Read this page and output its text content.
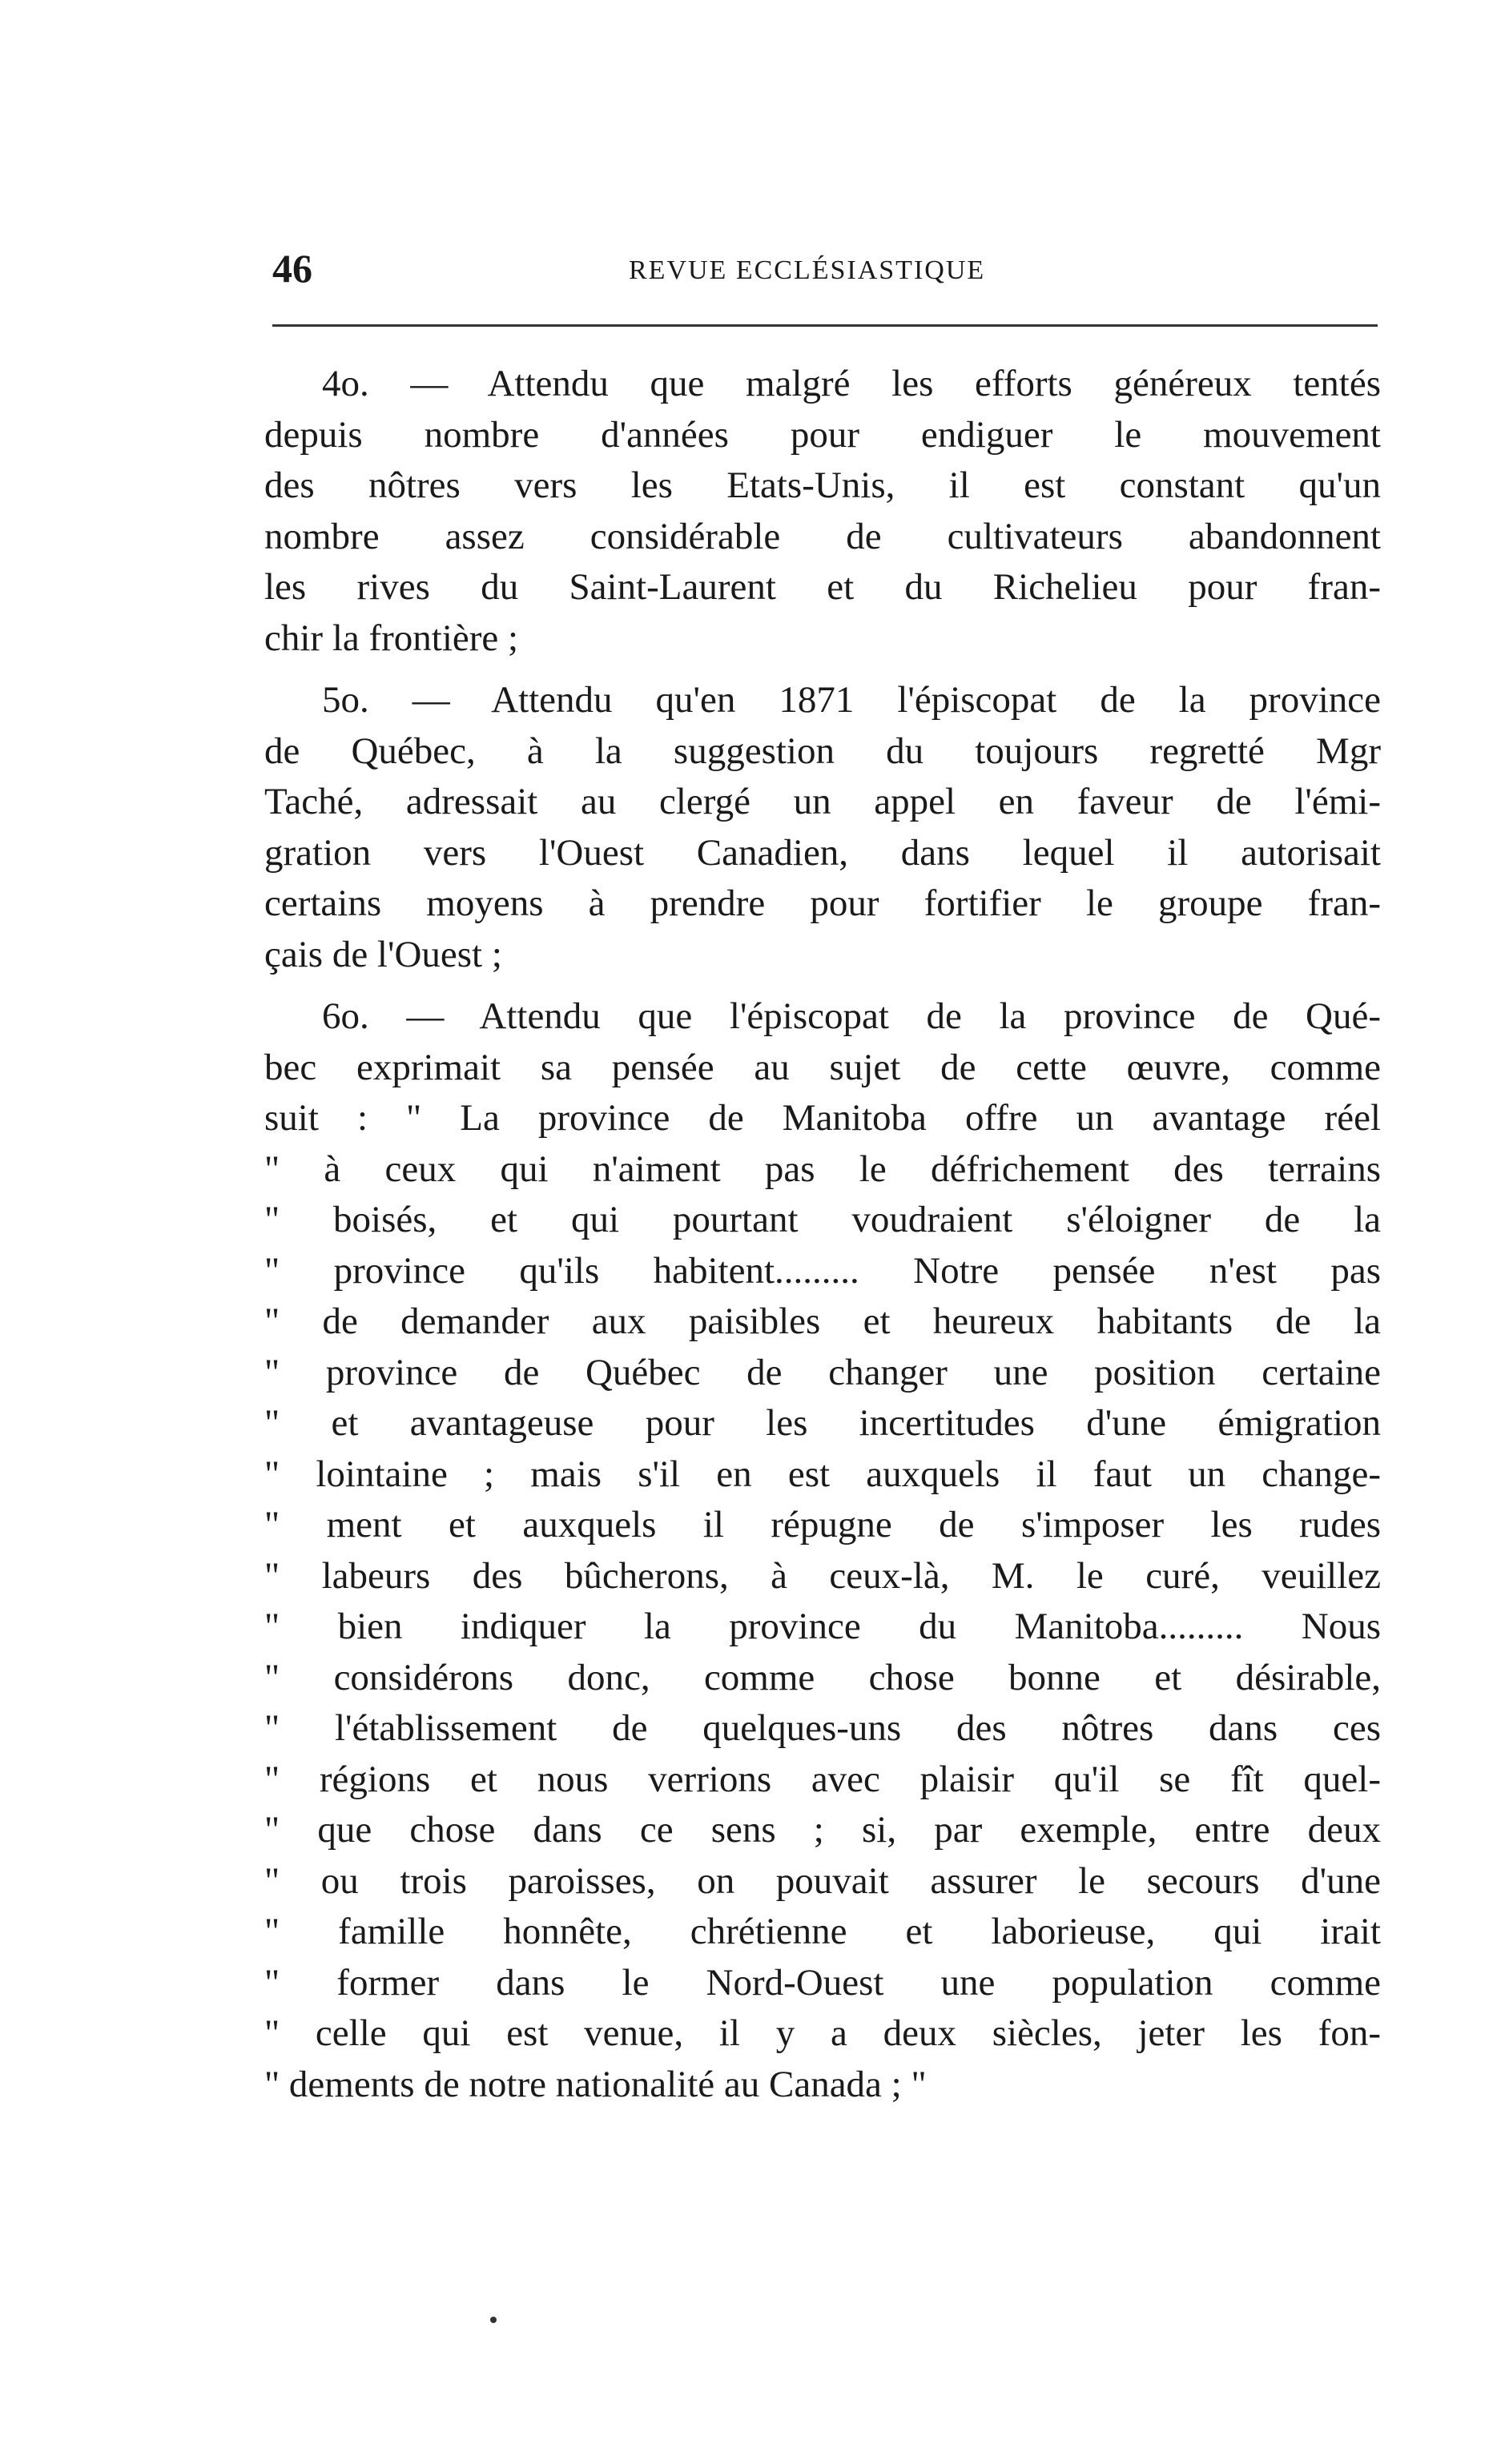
46	REVUE ECCLÉSIASTIQUE
4o. — Attendu que malgré les efforts généreux tentés
depuis nombre d'années pour endiguer le mouvement
des nôtres vers les Etats-Unis, il est constant qu'un
nombre assez considérable de cultivateurs abandonnent
les rives du Saint-Laurent et du Richelieu pour fran-
chir la frontière ;
5o. — Attendu qu'en 1871 l'épiscopat de la province
de Québec, à la suggestion du toujours regretté Mgr
Taché, adressait au clergé un appel en faveur de l'émi-
gration vers l'Ouest Canadien, dans lequel il autorisait
certains moyens à prendre pour fortifier le groupe fran-
çais de l'Ouest ;
6o. — Attendu que l'épiscopat de la province de Qué-
bec exprimait sa pensée au sujet de cette œuvre, comme
suit : " La province de Manitoba offre un avantage réel
" à ceux qui n'aiment pas le défrichement des terrains
" boisés, et qui pourtant voudraient s'éloigner de la
" province qu'ils habitent......... Notre pensée n'est pas
" de demander aux paisibles et heureux habitants de la
" province de Québec de changer une position certaine
" et avantageuse pour les incertitudes d'une émigration
" lointaine ; mais s'il en est auxquels il faut un change-
" ment et auxquels il répugne de s'imposer les rudes
" labeurs des bûcherons, à ceux-là, M. le curé, veuillez
" bien indiquer la province du Manitoba......... Nous
" considérons donc, comme chose bonne et désirable,
" l'établissement de quelques-uns des nôtres dans ces
" régions et nous verrions avec plaisir qu'il se fît quel-
" que chose dans ce sens ; si, par exemple, entre deux
" ou trois paroisses, on pouvait assurer le secours d'une
" famille honnête, chrétienne et laborieuse, qui irait
" former dans le Nord-Ouest une population comme
" celle qui est venue, il y a deux siècles, jeter les fon-
" dements de notre nationalité au Canada ; "
